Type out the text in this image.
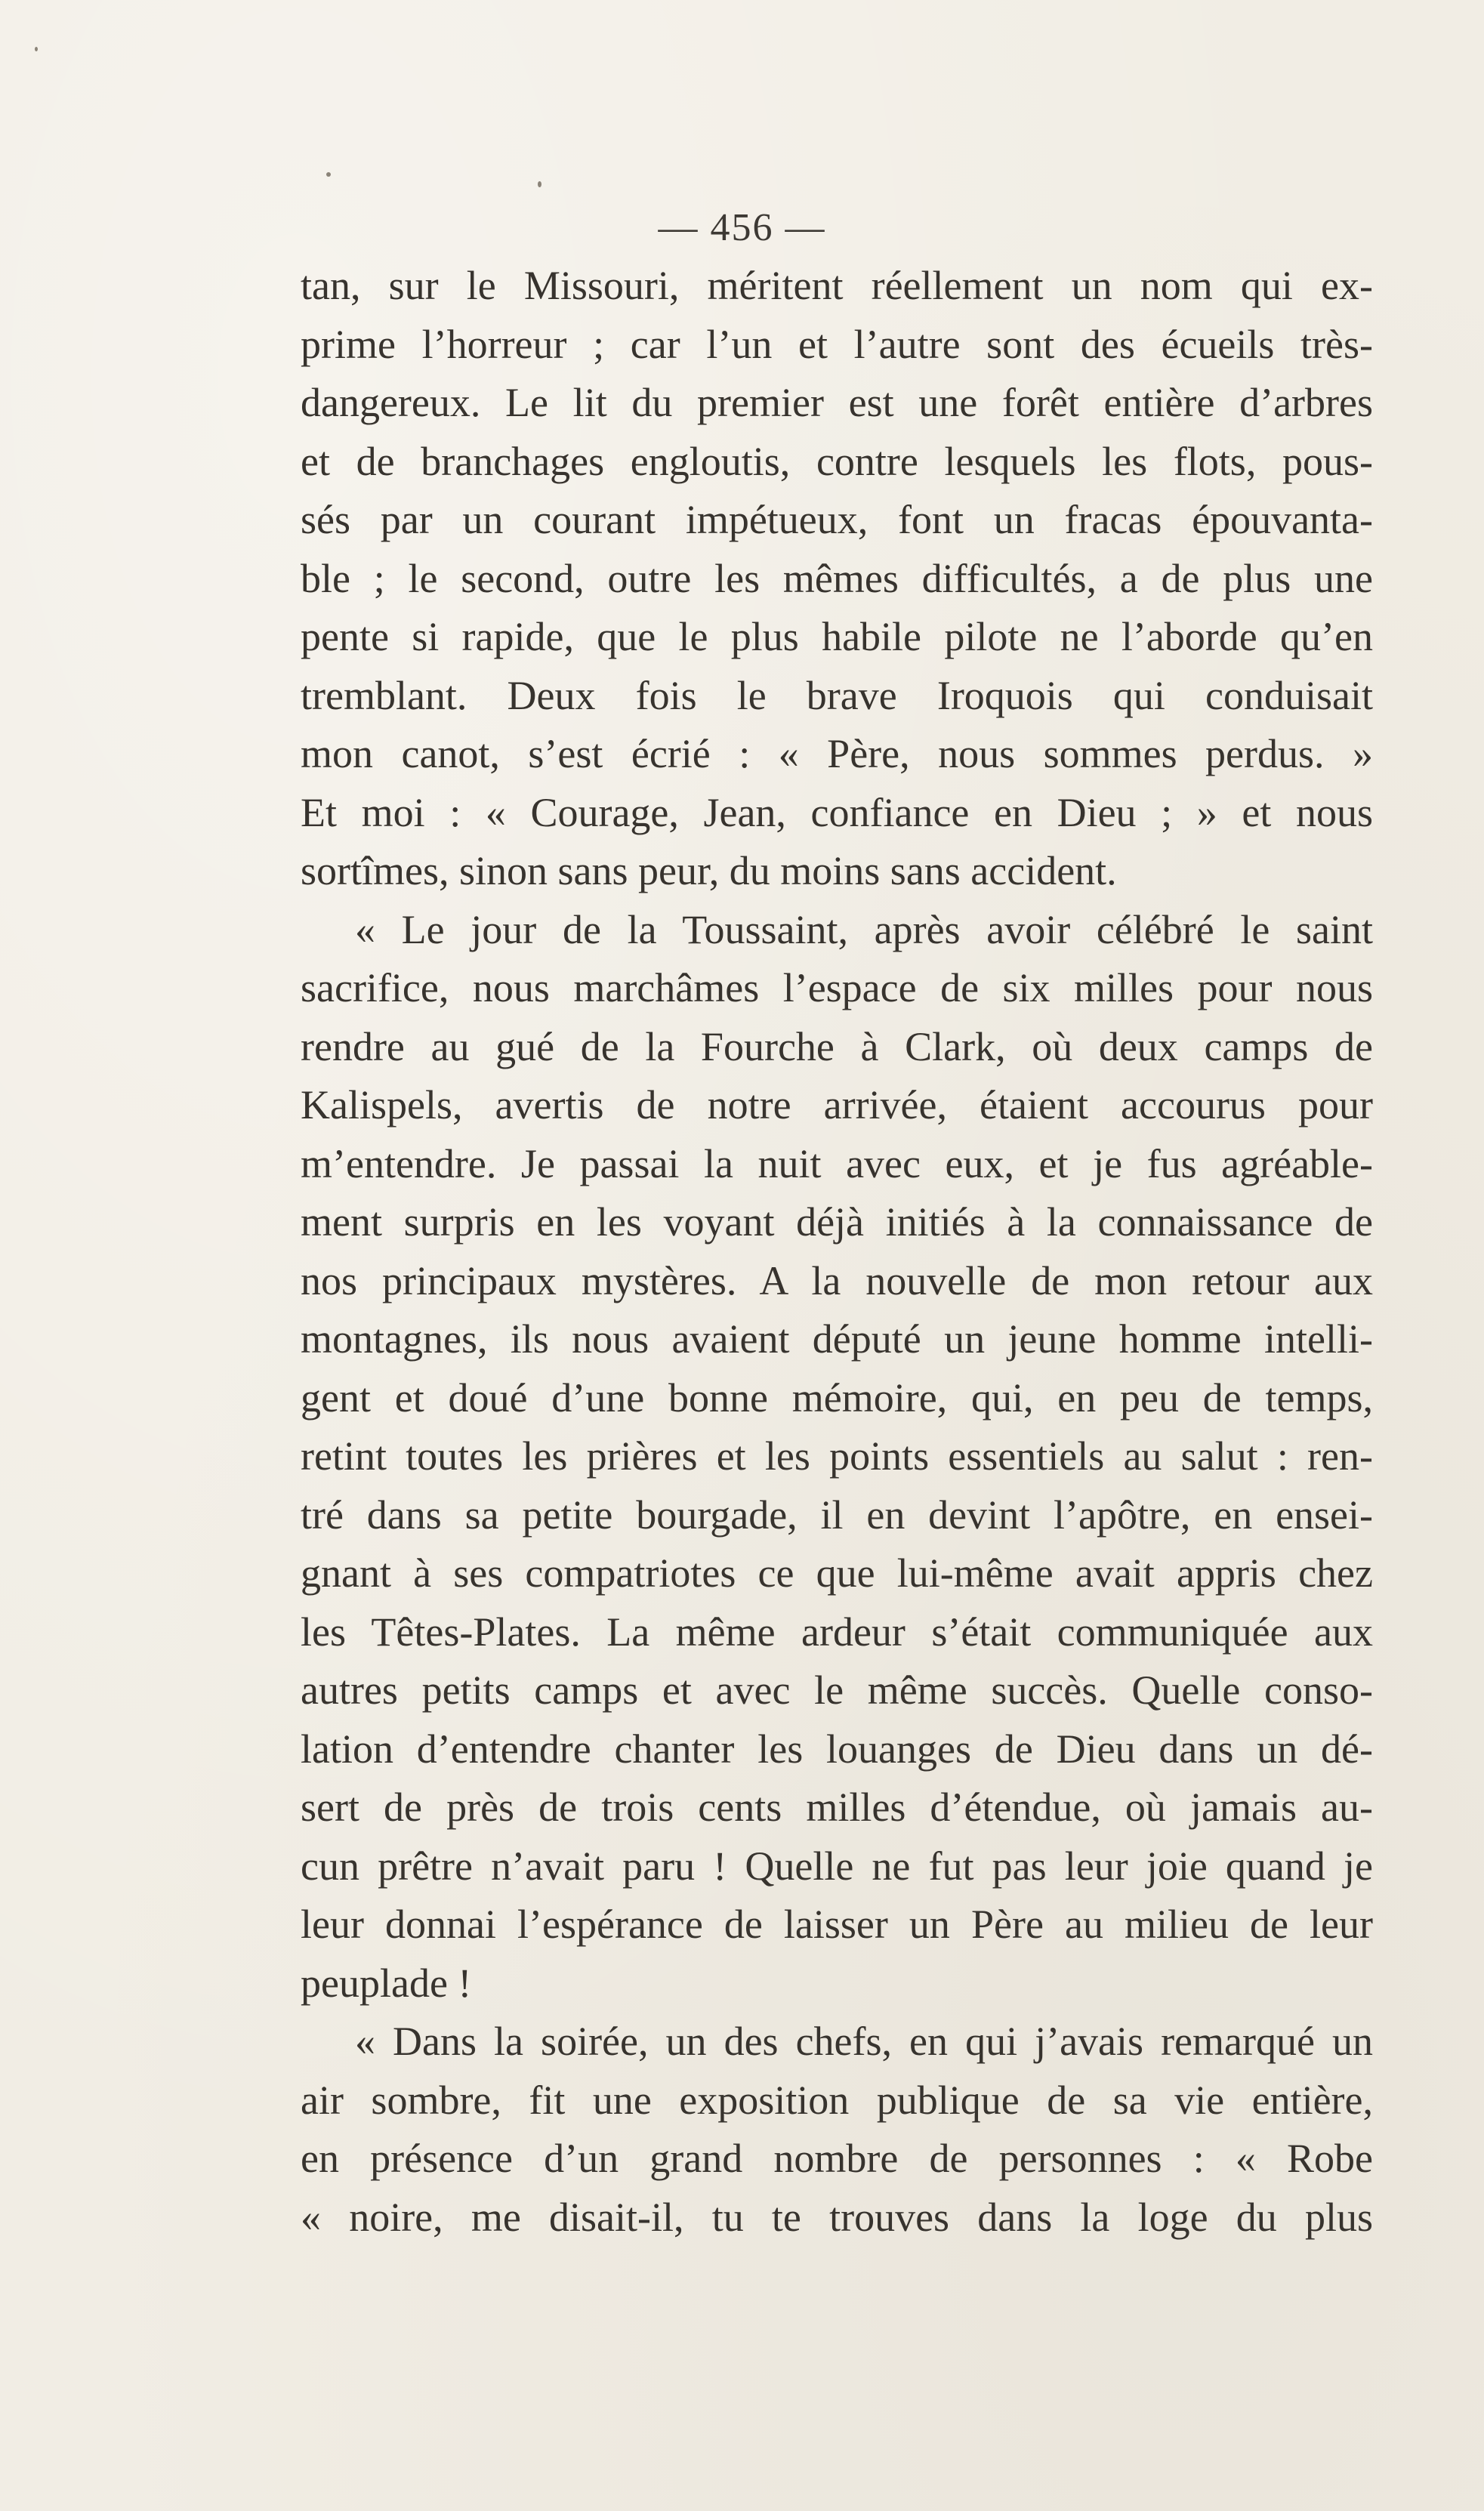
— 456 —
tan, sur le Missouri, méritent réellement un nom qui ex-
prime l’horreur ; car l’un et l’autre sont des écueils très-
dangereux. Le lit du premier est une forêt entière d’arbres
et de branchages engloutis, contre lesquels les flots, pous-
sés par un courant impétueux, font un fracas épouvanta-
ble ; le second, outre les mêmes difficultés, a de plus une
pente si rapide, que le plus habile pilote ne l’aborde qu’en
tremblant. Deux fois le brave Iroquois qui conduisait
mon canot, s’est écrié : « Père, nous sommes perdus. »
Et moi : « Courage, Jean, confiance en Dieu ; » et nous
sortîmes, sinon sans peur, du moins sans accident.
« Le jour de la Toussaint, après avoir célébré le saint
sacrifice, nous marchâmes l’espace de six milles pour nous
rendre au gué de la Fourche à Clark, où deux camps de
Kalispels, avertis de notre arrivée, étaient accourus pour
m’entendre. Je passai la nuit avec eux, et je fus agréable-
ment surpris en les voyant déjà initiés à la connaissance de
nos principaux mystères. A la nouvelle de mon retour aux
montagnes, ils nous avaient député un jeune homme intelli-
gent et doué d’une bonne mémoire, qui, en peu de temps,
retint toutes les prières et les points essentiels au salut : ren-
tré dans sa petite bourgade, il en devint l’apôtre, en ensei-
gnant à ses compatriotes ce que lui-même avait appris chez
les Têtes-Plates. La même ardeur s’était communiquée aux
autres petits camps et avec le même succès. Quelle conso-
lation d’entendre chanter les louanges de Dieu dans un dé-
sert de près de trois cents milles d’étendue, où jamais au-
cun prêtre n’avait paru ! Quelle ne fut pas leur joie quand je
leur donnai l’espérance de laisser un Père au milieu de leur
peuplade !
« Dans la soirée, un des chefs, en qui j’avais remarqué un
air sombre, fit une exposition publique de sa vie entière,
en présence d’un grand nombre de personnes : « Robe
« noire, me disait-il, tu te trouves dans la loge du plus
